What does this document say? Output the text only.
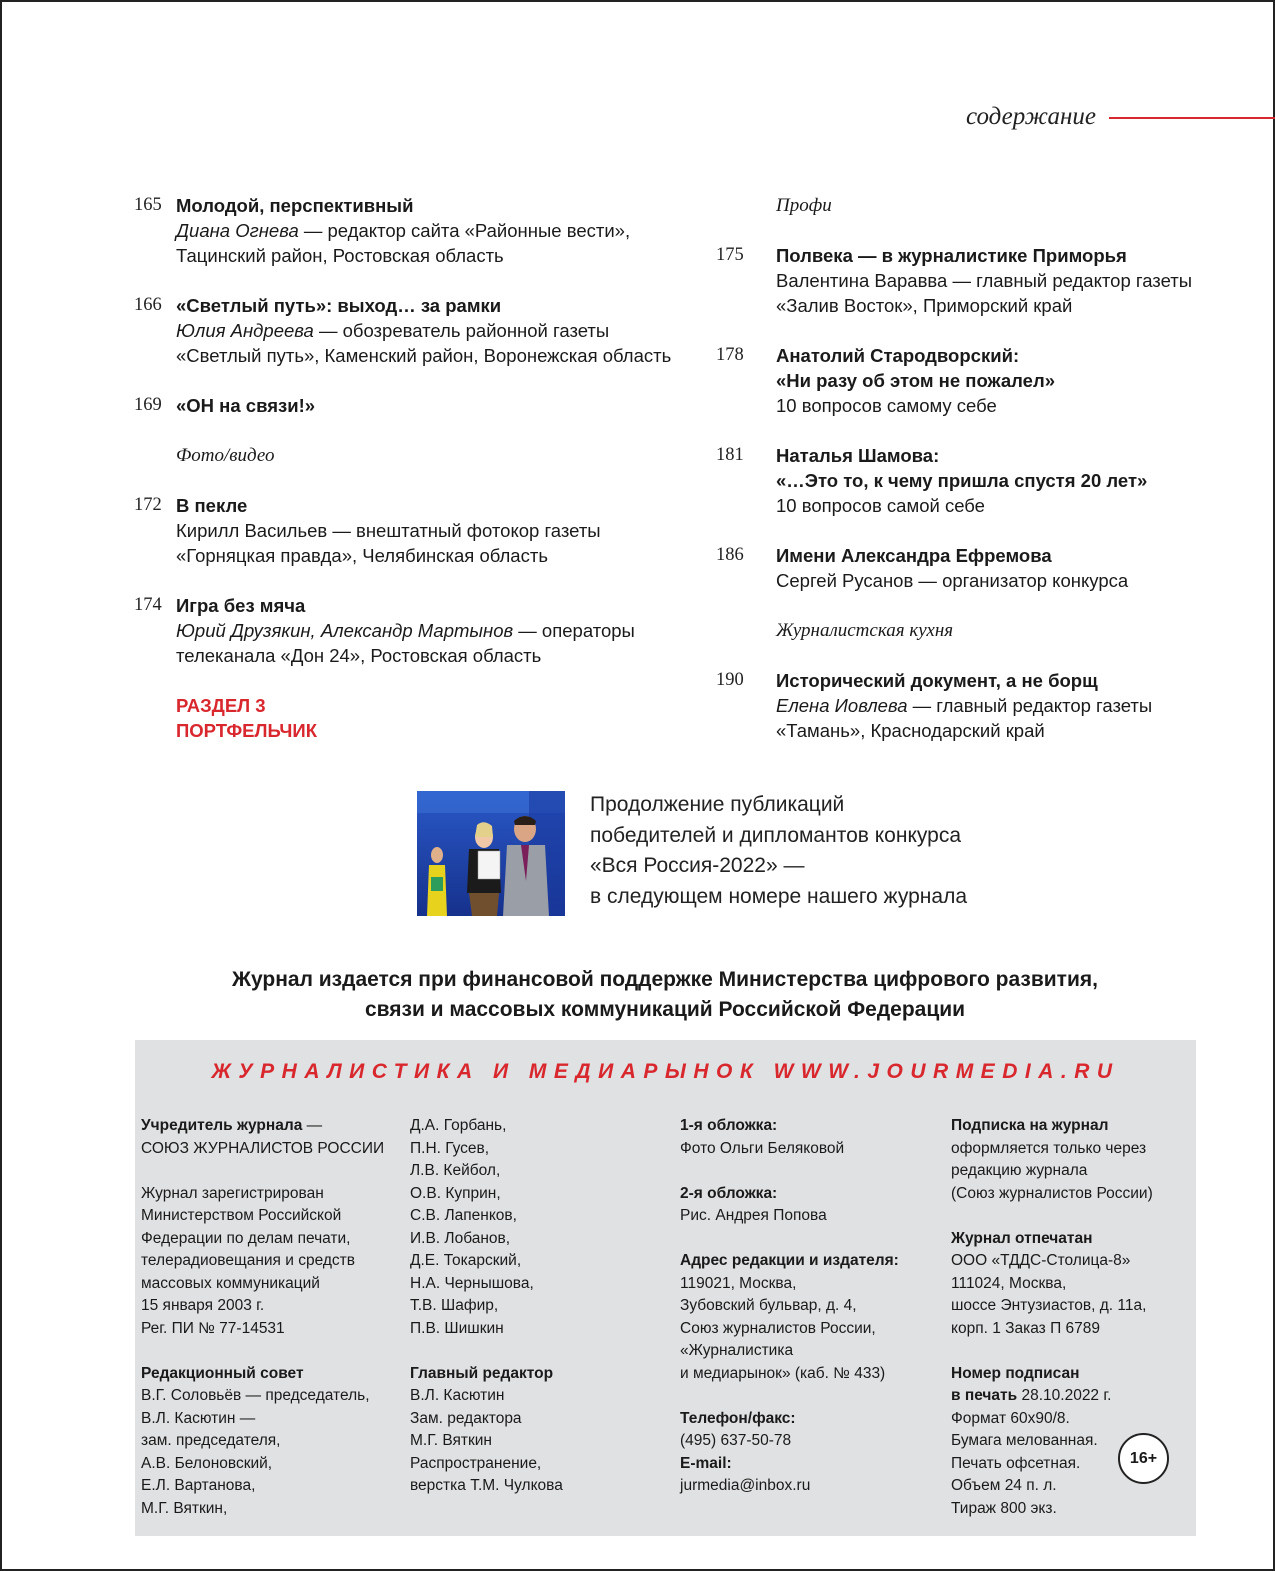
содержание
165 Молодой, перспективный
Диана Огнева — редактор сайта «Районные вести»,
Тацинский район, Ростовская область
166 «Светлый путь»: выход… за рамки
Юлия Андреева — обозреватель районной газеты
«Светлый путь», Каменский район, Воронежская область
169 «ОН на связи!»
Фото/видео
172 В пекле
Кирилл Васильев — внештатный фотокор газеты
«Горняцкая правда», Челябинская область
174 Игра без мяча
Юрий Друзякин, Александр Мартынов — операторы
телеканала «Дон 24», Ростовская область
РАЗДЕЛ 3
ПОРТФЕЛЬЧИК
Профи
175 Полвека — в журналистике Приморья
Валентина Варавва — главный редактор газеты
«Залив Восток», Приморский край
178 Анатолий Стародворский:
«Ни разу об этом не пожалел»
10 вопросов самому себе
181 Наталья Шамова:
«…Это то, к чему пришла спустя 20 лет»
10 вопросов самой себе
186 Имени Александра Ефремова
Сергей Русанов — организатор конкурса
Журналистская кухня
190 Исторический документ, а не борщ
Елена Иовлева — главный редактор газеты
«Тамань», Краснодарский край
Продолжение публикаций
победителей и дипломантов конкурса
«Вся Россия-2022» —
в следующем номере нашего журнала
Журнал издается при финансовой поддержке Министерства цифрового развития,
связи и массовых коммуникаций Российской Федерации
ЖУРНАЛИСТИКА И МЕДИАРЫНОК WWW.JOURMEDIA.RU
Учредитель журнала —
СОЮЗ ЖУРНАЛИСТОВ РОССИИ
Журнал зарегистрирован
Министерством Российской
Федерации по делам печати,
телерадиовещания и средств
массовых коммуникаций
15 января 2003 г.
Рег. ПИ № 77-14531
Редакционный совет
В.Г. Соловьёв — председатель,
В.Л. Касютин —
зам. председателя,
А.В. Белоновский,
Е.Л. Вартанова,
М.Г. Вяткин,
Д.А. Горбань,
П.Н. Гусев,
Л.В. Кейбол,
О.В. Куприн,
С.В. Лапенков,
И.В. Лобанов,
Д.Е. Токарский,
Н.А. Чернышова,
Т.В. Шафир,
П.В. Шишкин
Главный редактор
В.Л. Касютин
Зам. редактора
М.Г. Вяткин
Распространение,
верстка Т.М. Чулкова
1-я обложка:
Фото Ольги Беляковой
2-я обложка:
Рис. Андрея Попова
Адрес редакции и издателя:
119021, Москва,
Зубовский бульвар, д. 4,
Союз журналистов России,
«Журналистика
и медиарынок» (каб. № 433)
Телефон/факс:
(495) 637-50-78
E-mail:
jurmedia@inbox.ru
Подписка на журнал
оформляется только через
редакцию журнала
(Союз журналистов России)
Журнал отпечатан
ООО «ТДДС-Столица-8»
111024, Москва,
шоссе Энтузиастов, д. 11а,
корп. 1 Заказ П 6789
Номер подписан
в печать 28.10.2022 г.
Формат 60х90/8.
Бумага мелованная.
Печать офсетная.
Объем 24 п. л.
Тираж 800 экз.
16+
